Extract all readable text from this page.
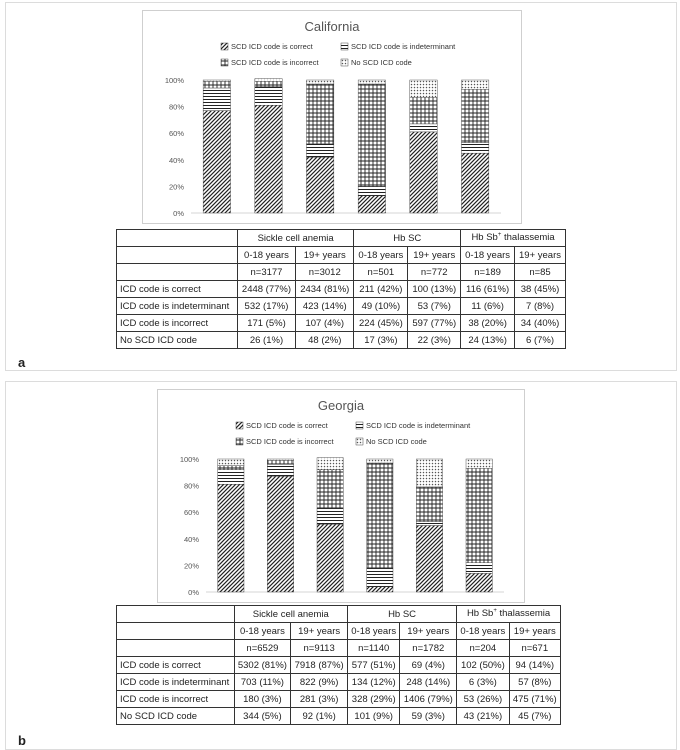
California
SCD ICD code is correct	SCD ICD code is indeterminant
SCD ICD code is incorrect	No SCD ICD code
0%
20%
40%
60%
80%
100%
	Sickle cell anemia		Hb SC		Hb Sb+ thalassemia	
	0-18 years	19+ years	0-18 years	19+ years	0-18 years	19+ years
	n=3177	n=3012	n=501	n=772	n=189	n=85
ICD code is correct	2448 (77%)	2434 (81%)	211 (42%)	100 (13%)	116 (61%)	38 (45%)
ICD code is indeterminant	532 (17%)	423 (14%)	49 (10%)	53 (7%)	11 (6%)	7 (8%)
ICD code is incorrect	171 (5%)	107 (4%)	224 (45%)	597 (77%)	38 (20%)	34 (40%)
No SCD ICD code	26 (1%)	48 (2%)	17 (3%)	22 (3%)	24 (13%)	6 (7%)
a
Georgia
SCD ICD code is correct	SCD ICD code is indeterminant
SCD ICD code is incorrect	No SCD ICD code
0%
20%
40%
60%
80%
100%
	Sickle cell anemia		Hb SC		Hb Sb+ thalassemia	
	0-18 years	19+ years	0-18 years	19+ years	0-18 years	19+ years
	n=6529	n=9113	n=1140	n=1782	n=204	n=671
ICD code is correct	5302 (81%)	7918 (87%)	577 (51%)	69 (4%)	102 (50%)	94 (14%)
ICD code is indeterminant	703 (11%)	822 (9%)	134 (12%)	248 (14%)	6 (3%)	57 (8%)
ICD code is incorrect	180 (3%)	281 (3%)	328 (29%)	1406 (79%)	53 (26%)	475 (71%)
No SCD ICD code	344 (5%)	92 (1%)	101 (9%)	59 (3%)	43 (21%)	45 (7%)
b
